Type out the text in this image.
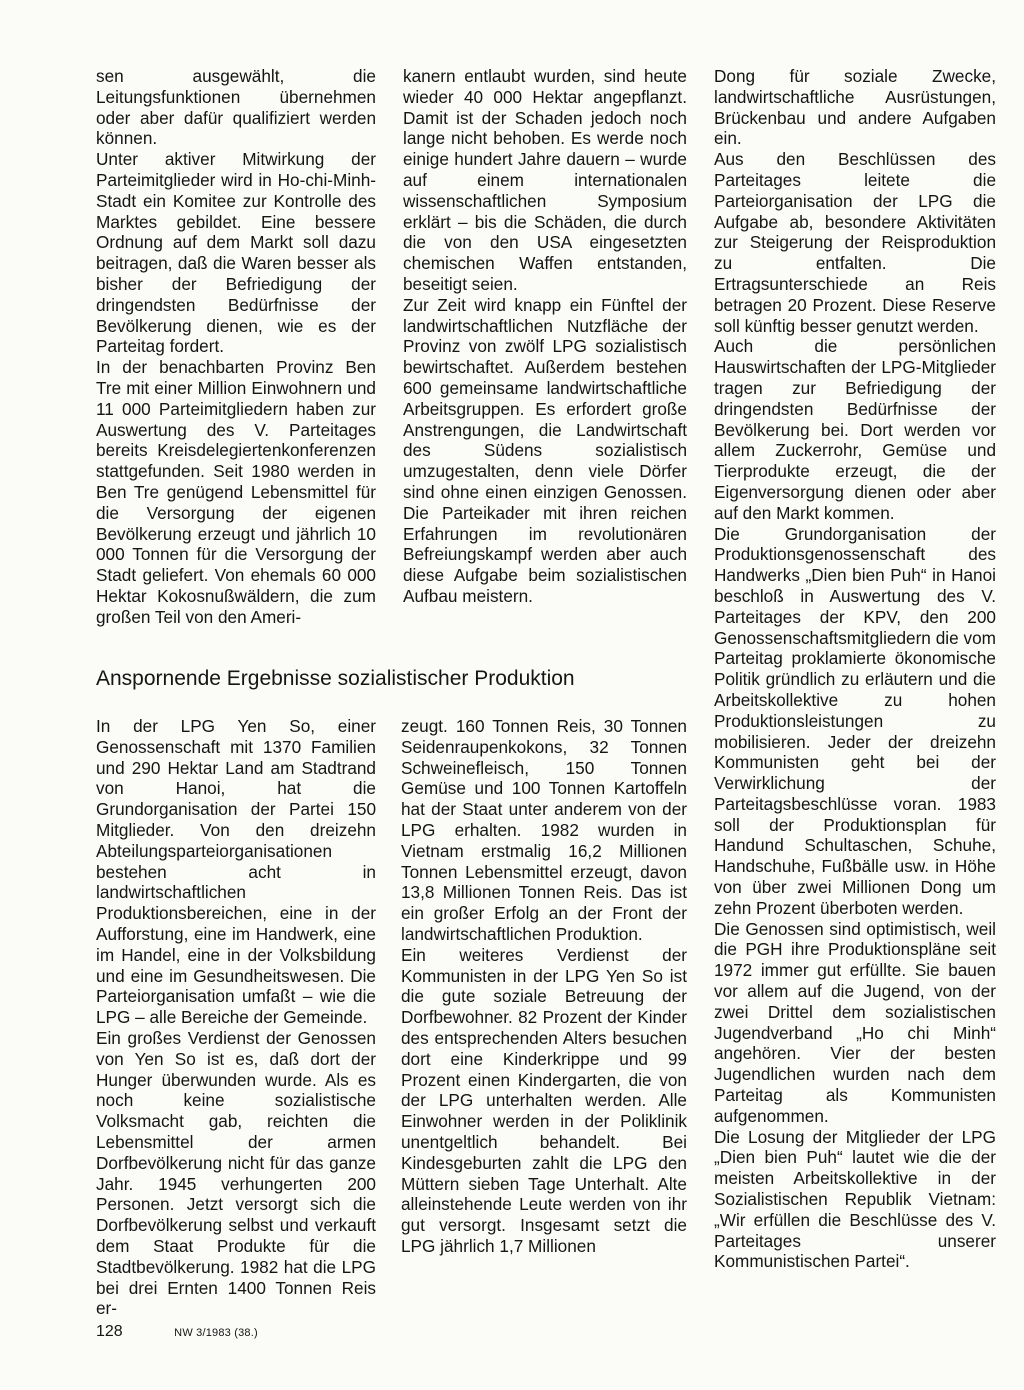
sen ausgewählt, die Leitungsfunktionen übernehmen oder aber dafür qualifiziert werden können.

Unter aktiver Mitwirkung der Parteimitglieder wird in Ho-chi-Minh-Stadt ein Komitee zur Kontrolle des Marktes gebildet. Eine bessere Ordnung auf dem Markt soll dazu beitragen, daß die Waren besser als bisher der Befriedigung der dringendsten Bedürfnisse der Bevölkerung dienen, wie es der Parteitag fordert.

In der benachbarten Provinz Ben Tre mit einer Million Einwohnern und 11 000 Parteimitgliedern haben zur Auswertung des V. Parteitages bereits Kreisdelegiertenkonferenzen stattgefunden. Seit 1980 werden in Ben Tre genügend Lebensmittel für die Versorgung der eigenen Bevölkerung erzeugt und jährlich 10 000 Tonnen für die Versorgung der Stadt geliefert. Von ehemals 60 000 Hektar Kokosnußwäldern, die zum großen Teil von den Ameri-

kanern entlaubt wurden, sind heute wieder 40 000 Hektar angepflanzt. Damit ist der Schaden jedoch noch lange nicht behoben. Es werde noch einige hundert Jahre dauern – wurde auf einem internationalen wissenschaftlichen Symposium erklärt – bis die Schäden, die durch die von den USA eingesetzten chemischen Waffen entstanden, beseitigt seien.

Zur Zeit wird knapp ein Fünftel der landwirtschaftlichen Nutzfläche der Provinz von zwölf LPG sozialistisch bewirtschaftet. Außerdem bestehen 600 gemeinsame landwirtschaftliche Arbeitsgruppen. Es erfordert große Anstrengungen, die Landwirtschaft des Südens sozialistisch umzugestalten, denn viele Dörfer sind ohne einen einzigen Genossen. Die Parteikader mit ihren reichen Erfahrungen im revolutionären Befreiungskampf werden aber auch diese Aufgabe beim sozialistischen Aufbau meistern.

Dong für soziale Zwecke, landwirtschaftliche Ausrüstungen, Brückenbau und andere Aufgaben ein.

Aus den Beschlüssen des Parteitages leitete die Parteiorganisation der LPG die Aufgabe ab, besondere Aktivitäten zur Steigerung der Reisproduktion zu entfalten. Die Ertragsunterschiede an Reis betragen 20 Prozent. Diese Reserve soll künftig besser genutzt werden.

Auch die persönlichen Hauswirtschaften der LPG-Mitglieder tragen zur Befriedigung der dringendsten Bedürfnisse der Bevölkerung bei. Dort werden vor allem Zuckerrohr, Gemüse und Tierprodukte erzeugt, die der Eigenversorgung dienen oder aber auf den Markt kommen.

Die Grundorganisation der Produktionsgenossenschaft des Handwerks „Dien bien Puh“ in Hanoi beschloß in Auswertung des V. Parteitages der KPV, den 200 Genossenschaftsmitgliedern die vom Parteitag proklamierte ökonomische Politik gründlich zu erläutern und die Arbeitskollektive zu hohen Produktionsleistungen zu mobilisieren. Jeder der dreizehn Kommunisten geht bei der Verwirklichung der Parteitagsbeschlüsse voran. 1983 soll der Produktionsplan für Handund Schultaschen, Schuhe, Handschuhe, Fußbälle usw. in Höhe von über zwei Millionen Dong um zehn Prozent überboten werden.

Die Genossen sind optimistisch, weil die PGH ihre Produktionspläne seit 1972 immer gut erfüllte. Sie bauen vor allem auf die Jugend, von der zwei Drittel dem sozialistischen Jugendverband „Ho chi Minh“ angehören. Vier der besten Jugendlichen wurden nach dem Parteitag als Kommunisten aufgenommen.

Die Losung der Mitglieder der LPG „Dien bien Puh“ lautet wie die der meisten Arbeitskollektive in der Sozialistischen Republik Vietnam: „Wir erfüllen die Beschlüsse des V. Parteitages unserer Kommunistischen Partei“.

Anspornende Ergebnisse sozialistischer Produktion

In der LPG Yen So, einer Genossenschaft mit 1370 Familien und 290 Hektar Land am Stadtrand von Hanoi, hat die Grundorganisation der Partei 150 Mitglieder. Von den dreizehn Abteilungsparteiorganisationen bestehen acht in landwirtschaftlichen Produktionsbereichen, eine in der Aufforstung, eine im Handwerk, eine im Handel, eine in der Volksbildung und eine im Gesundheitswesen. Die Parteiorganisation umfaßt – wie die LPG – alle Bereiche der Gemeinde.

Ein großes Verdienst der Genossen von Yen So ist es, daß dort der Hunger überwunden wurde. Als es noch keine sozialistische Volksmacht gab, reichten die Lebensmittel der armen Dorfbevölkerung nicht für das ganze Jahr. 1945 verhungerten 200 Personen. Jetzt versorgt sich die Dorfbevölkerung selbst und verkauft dem Staat Produkte für die Stadtbevölkerung. 1982 hat die LPG bei drei Ernten 1400 Tonnen Reis er-

zeugt. 160 Tonnen Reis, 30 Tonnen Seidenraupenkokons, 32 Tonnen Schweinefleisch, 150 Tonnen Gemüse und 100 Tonnen Kartoffeln hat der Staat unter anderem von der LPG erhalten. 1982 wurden in Vietnam erstmalig 16,2 Millionen Tonnen Lebensmittel erzeugt, davon 13,8 Millionen Tonnen Reis. Das ist ein großer Erfolg an der Front der landwirtschaftlichen Produktion.

Ein weiteres Verdienst der Kommunisten in der LPG Yen So ist die gute soziale Betreuung der Dorfbewohner. 82 Prozent der Kinder des entsprechenden Alters besuchen dort eine Kinderkrippe und 99 Prozent einen Kindergarten, die von der LPG unterhalten werden. Alle Einwohner werden in der Poliklinik unentgeltlich behandelt. Bei Kindesgeburten zahlt die LPG den Müttern sieben Tage Unterhalt. Alte alleinstehende Leute werden von ihr gut versorgt. Insgesamt setzt die LPG jährlich 1,7 Millionen

128	NW 3/1983 (38.)
